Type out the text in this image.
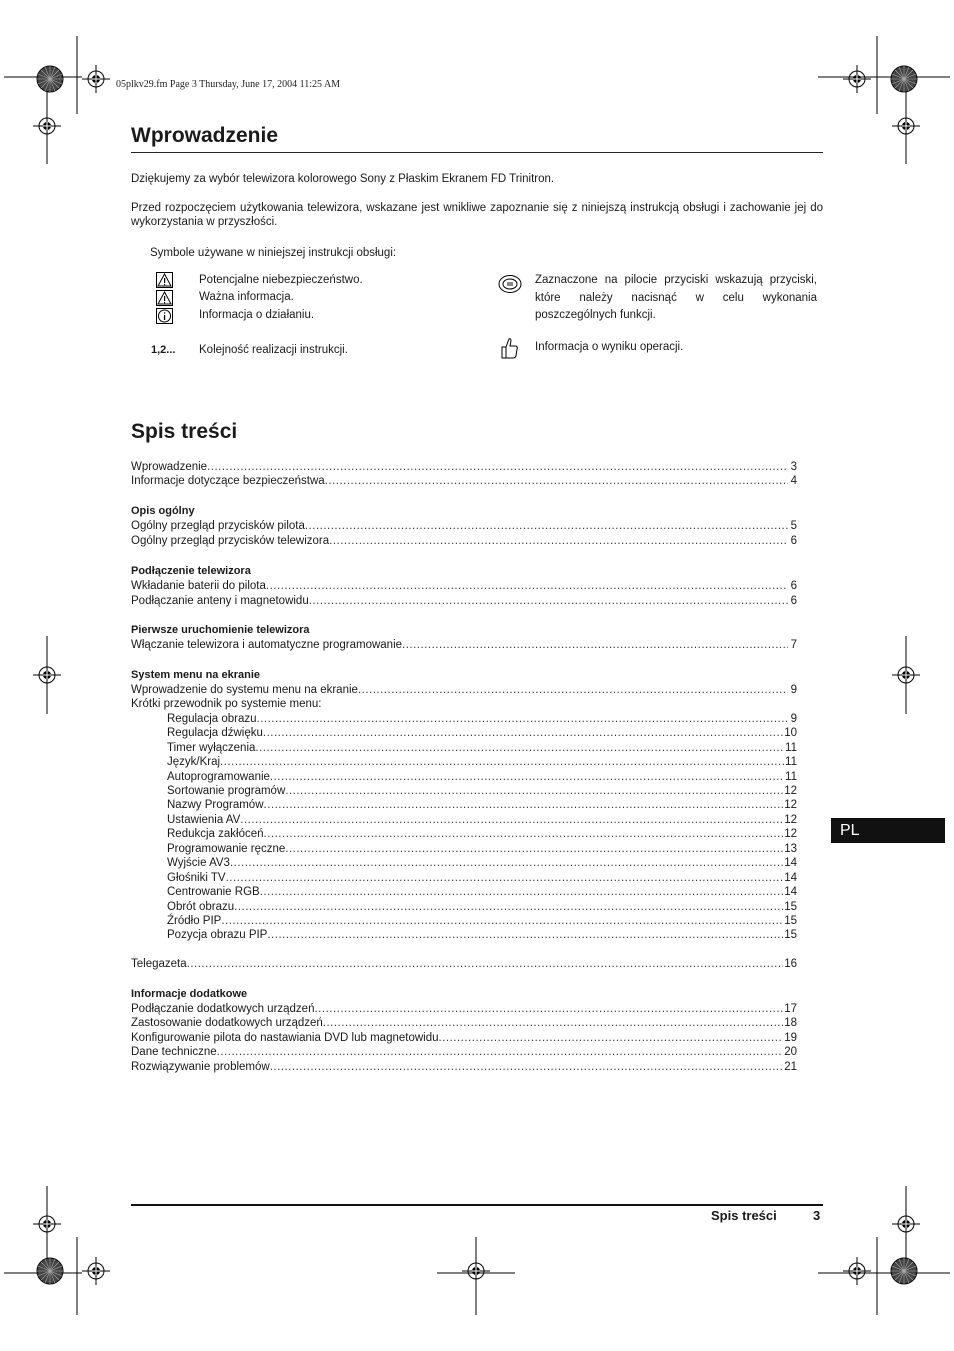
05plkv29.fm Page 3 Thursday, June 17, 2004 11:25 AM
Wprowadzenie
Dziękujemy za wybór telewizora kolorowego Sony z Płaskim Ekranem FD Trinitron.
Przed rozpoczęciem użytkowania telewizora, wskazane jest wnikliwe zapoznanie się z niniejszą instrukcją obsługi i zachowanie jej do wykorzystania w przyszłości.
Symbole używane w niniejszej instrukcji obsługi:
Potencjalne niebezpieczeństwo.
Ważna informacja.
Informacja o działaniu.
1,2... Kolejność realizacji instrukcji.
Zaznaczone na pilocie przyciski wskazują przyciski, które należy nacisnąć w celu wykonania poszczególnych funkcji.
Informacja o wyniku operacji.
Spis treści
Wprowadzenie .....	3
Informacje dotyczące bezpieczeństwa .....	4
Opis ogólny
Ogólny przegląd przycisków pilota .....	5
Ogólny przegląd przycisków telewizora .....	6
Podłączenie telewizora
Wkładanie baterii do pilota .....	6
Podłączanie anteny i magnetowidu .....	6
Pierwsze uruchomienie telewizora
Włączanie telewizora i automatyczne programowanie .....	7
System menu na ekranie
Wprowadzenie do systemu menu na ekranie .....	9
Krótki przewodnik po systemie menu:
Regulacja obrazu .....	9
Regulacja dźwięku .....	10
Timer wyłączenia .....	11
Język/Kraj .....	11
Autoprogramowanie .....	11
Sortowanie programów .....	12
Nazwy Programów .....	12
Ustawienia AV .....	12
Redukcja zakłóceń .....	12
Programowanie ręczne .....	13
Wyjście AV3 .....	14
Głośniki TV .....	14
Centrowanie RGB .....	14
Obrót obrazu .....	15
Źródło PIP .....	15
Pozycja obrazu PIP .....	15
Telegazeta .....	16
Informacje dodatkowe
Podłączanie dodatkowych urządzeń .....	17
Zastosowanie dodatkowych urządzeń .....	18
Konfigurowanie pilota do nastawiania DVD lub magnetowidu .....	19
Dane techniczne .....	20
Rozwiązywanie problemów .....	21
PL
Spis treści	3
